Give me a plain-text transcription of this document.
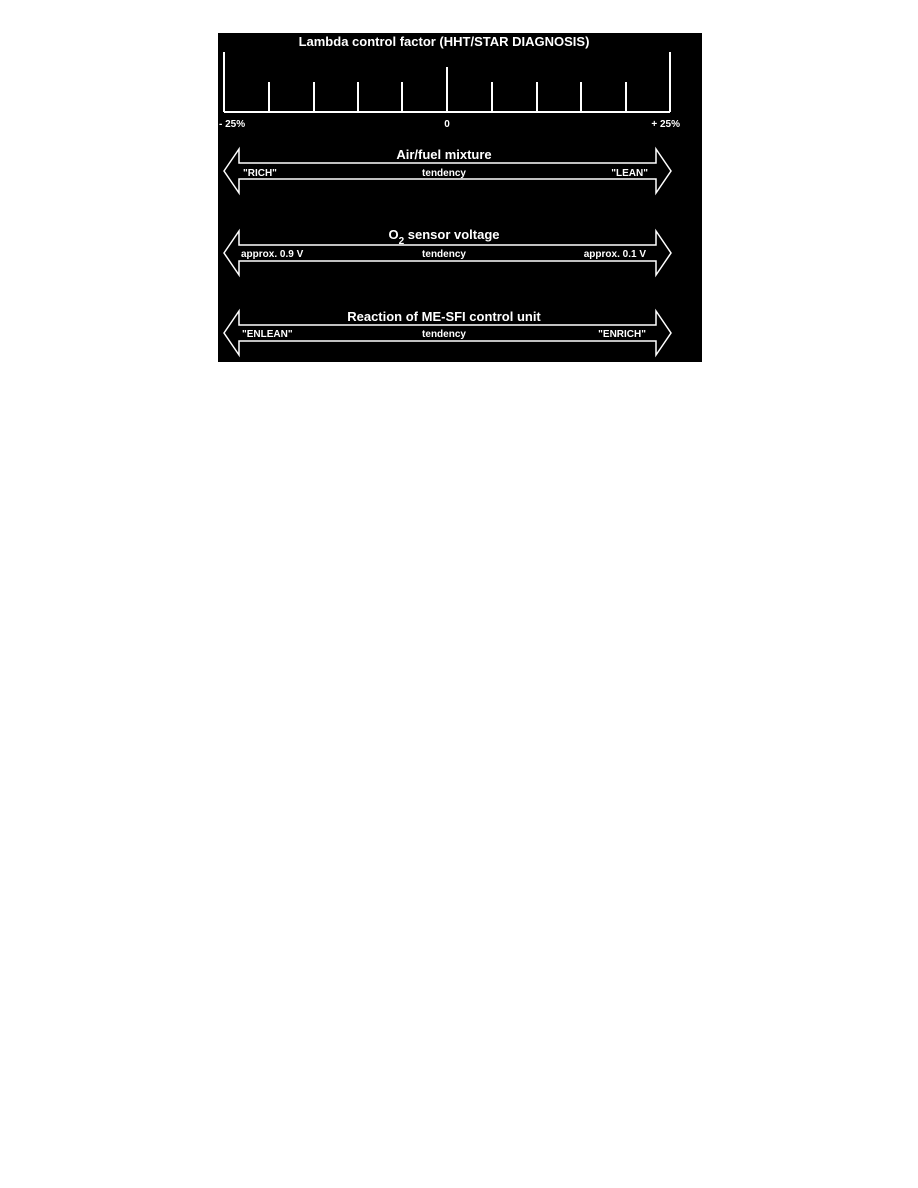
Lambda control factor (HHT/STAR DIAGNOSIS)
- 25%	0	+ 25%
Air/fuel mixture
"RICH"	tendency	"LEAN"
$O_2$ sensor voltage
approx. 0.9 V	tendency	approx. 0.1 V
Reaction of ME-SFI control unit
"ENLEAN"	tendency	"ENRICH"
